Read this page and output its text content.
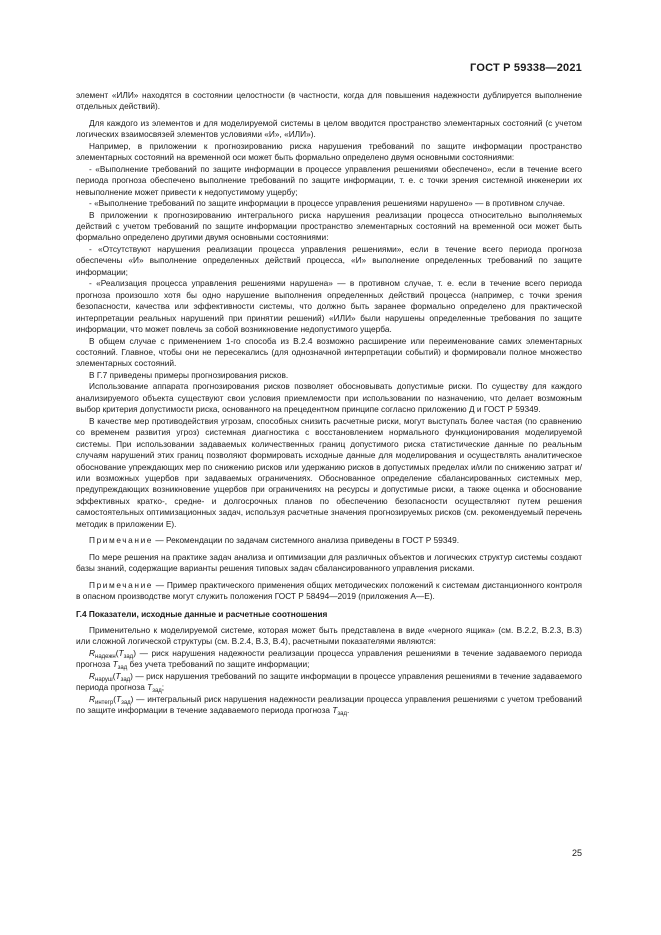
ГОСТ Р 59338—2021

элемент «ИЛИ» находятся в состоянии целостности (в частности, когда для повышения надежности дублируется выполнение отдельных действий).

Для каждого из элементов и для моделируемой системы в целом вводится пространство элементарных состояний (с учетом логических взаимосвязей элементов условиями «И», «ИЛИ»).

Например, в приложении к прогнозированию риска нарушения требований по защите информации пространство элементарных состояний на временной оси может быть формально определено двумя основными состояниями:

- «Выполнение требований по защите информации в процессе управления решениями обеспечено», если в течение всего периода прогноза обеспечено выполнение требований по защите информации, т. е. с точки зрения системной инженерии их невыполнение может привести к недопустимому ущербу;

- «Выполнение требований по защите информации в процессе управления решениями нарушено» — в противном случае.

В приложении к прогнозированию интегрального риска нарушения реализации процесса относительно выполняемых действий с учетом требований по защите информации пространство элементарных состояний на временной оси может быть формально определено другими двумя основными состояниями:

- «Отсутствуют нарушения реализации процесса управления решениями», если в течение всего периода прогноза обеспечены «И» выполнение определенных действий процесса, «И» выполнение определенных требований по защите информации;

- «Реализация процесса управления решениями нарушена» — в противном случае, т. е. если в течение всего периода прогноза произошло хотя бы одно нарушение выполнения определенных действий процесса (например, с точки зрения безопасности, качества или эффективности системы, что должно быть заранее формально определено для практической интерпретации реальных нарушений при принятии решений) «ИЛИ» были нарушены определенные требования по защите информации, что может повлечь за собой возникновение недопустимого ущерба.

В общем случае с применением 1-го способа из В.2.4 возможно расширение или переименование самих элементарных состояний. Главное, чтобы они не пересекались (для однозначной интерпретации событий) и формировали полное множество элементарных состояний.

В Г.7 приведены примеры прогнозирования рисков.

Использование аппарата прогнозирования рисков позволяет обосновывать допустимые риски. По существу для каждого анализируемого объекта существуют свои условия приемлемости при использовании по назначению, что делает возможным выбор критерия допустимости риска, основанного на прецедентном принципе согласно приложению Д и ГОСТ Р 59349.

В качестве мер противодействия угрозам, способных снизить расчетные риски, могут выступать более частая (по сравнению со временем развития угроз) системная диагностика с восстановлением нормального функционирования моделируемой системы. При использовании задаваемых количественных границ допустимого риска статистические данные по реальным случаям нарушений этих границ позволяют формировать исходные данные для моделирования и осуществлять аналитическое обоснование упреждающих мер по снижению рисков или удержанию рисков в допустимых пределах и/или по снижению затрат и/или возможных ущербов при задаваемых ограничениях. Обоснованное определение сбалансированных системных мер, предупреждающих возникновение ущербов при ограничениях на ресурсы и допустимые риски, а также оценка и обоснование эффективных кратко-, средне- и долгосрочных планов по обеспечению безопасности осуществляют путем решения самостоятельных оптимизационных задач, используя расчетные значения прогнозируемых рисков (см. рекомендуемый перечень методик в приложении Е).

Примечание — Рекомендации по задачам системного анализа приведены в ГОСТ Р 59349.

По мере решения на практике задач анализа и оптимизации для различных объектов и логических структур системы создают базы знаний, содержащие варианты решения типовых задач сбалансированного управления рисками.

Примечание — Пример практического применения общих методических положений к системам дистанционного контроля в опасном производстве могут служить положения ГОСТ Р 58494—2019 (приложения А—Е).

Г.4 Показатели, исходные данные и расчетные соотношения

Применительно к моделируемой системе, которая может быть представлена в виде «черного ящика» (см. В.2.2, В.2.3, В.3) или сложной логической структуры (см. В.2.4, В.3, В.4), расчетными показателями являются:

$R_{надежн}(T_{зад})$ — риск нарушения надежности реализации процесса управления решениями в течение задаваемого периода прогноза $T_{зад}$ без учета требований по защите информации;

$R_{наруш}(T_{зад})$ — риск нарушения требований по защите информации в процессе управления решениями в течение задаваемого периода прогноза $T_{зад}$;

$R_{интегр}(T_{зад})$ — интегральный риск нарушения надежности реализации процесса управления решениями с учетом требований по защите информации в течение задаваемого периода прогноза $T_{зад}$.

25
